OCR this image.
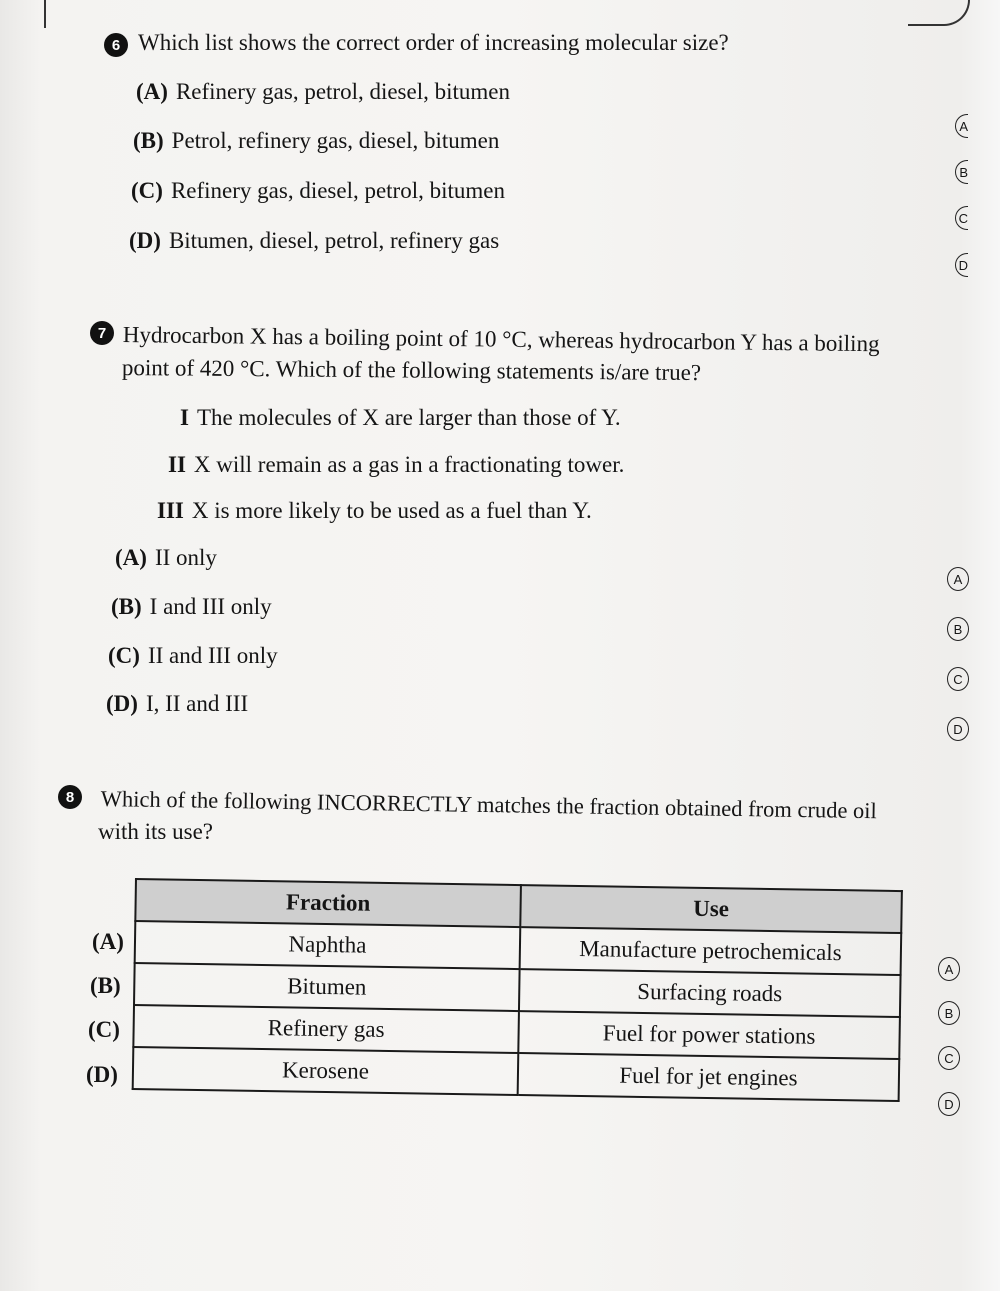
6 Which list shows the correct order of increasing molecular size?
(A) Refinery gas, petrol, diesel, bitumen
(B) Petrol, refinery gas, diesel, bitumen
(C) Refinery gas, diesel, petrol, bitumen
(D) Bitumen, diesel, petrol, refinery gas
A
B
C
D
7 Hydrocarbon X has a boiling point of 10 °C, whereas hydrocarbon Y has a boiling
point of 420 °C. Which of the following statements is/are true?
I The molecules of X are larger than those of Y.
II X will remain as a gas in a fractionating tower.
III X is more likely to be used as a fuel than Y.
(A) II only
(B) I and III only
(C) II and III only
(D) I, II and III
A
B
C
D
8	Which of the following INCORRECTLY matches the fraction obtained from crude oil
with its use?
Fraction	Use
Naphtha	Manufacture petrochemicals
Bitumen	Surfacing roads
Refinery gas	Fuel for power stations
Kerosene	Fuel for jet engines
(A)
(B)
(C)
(D)
A
B
C
D
